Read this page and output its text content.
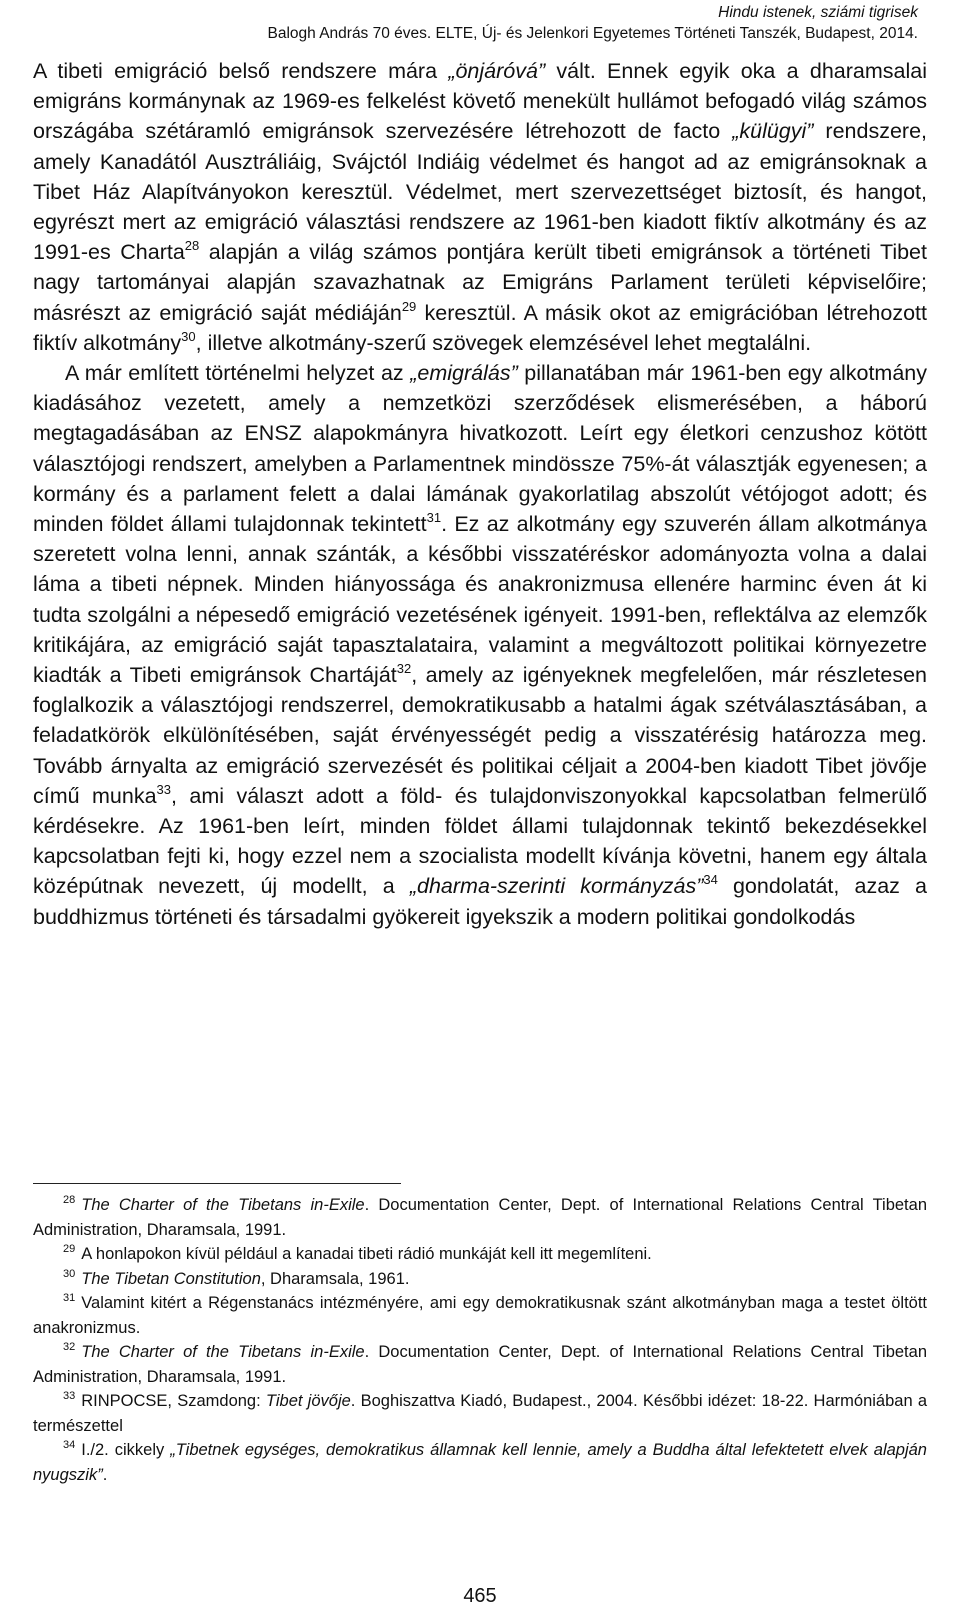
Hindu istenek, sziámi tigrisek
Balogh András 70 éves. ELTE, Új- és Jelenkori Egyetemes Történeti Tanszék, Budapest, 2014.

A tibeti emigráció belső rendszere mára „önjáróvá” vált. Ennek egyik oka a dharamsalai emigráns kormánynak az 1969-es felkelést követő menekült hullámot befogadó világ számos országába szétáramló emigránsok szervezésére létrehozott de facto „külügyi” rendszere, amely Kanadától Ausztráliáig, Svájctól Indiáig védelmet és hangot ad az emigránsoknak a Tibet Ház Alapítványokon keresztül. Védelmet, mert szervezettséget biztosít, és hangot, egyrészt mert az emigráció választási rendszere az 1961-ben kiadott fiktív alkotmány és az 1991-es Charta$^{28}$ alapján a világ számos pontjára került tibeti emigránsok a történeti Tibet nagy tartományai alapján szavazhatnak az Emigráns Parlament területi képviselőire; másrészt az emigráció saját médiáján$^{29}$ keresztül. A másik okot az emigrációban létrehozott fiktív alkotmány$^{30}$, illetve alkotmány-szerű szövegek elemzésével lehet megtalálni.

A már említett történelmi helyzet az „emigrálás” pillanatában már 1961-ben egy alkotmány kiadásához vezetett, amely a nemzetközi szerződések elismerésében, a háború megtagadásában az ENSZ alapokmányra hivatkozott. Leírt egy életkori cenzushoz kötött választójogi rendszert, amelyben a Parlamentnek mindössze 75%-át választják egyenesen; a kormány és a parlament felett a dalai lámának gyakorlatilag abszolút vétójogot adott; és minden földet állami tulajdonnak tekintett$^{31}$. Ez az alkotmány egy szuverén állam alkotmánya szeretett volna lenni, annak szánták, a későbbi visszatéréskor adományozta volna a dalai láma a tibeti népnek. Minden hiányossága és anakronizmusa ellenére harminc éven át ki tudta szolgálni a népesedő emigráció vezetésének igényeit. 1991-ben, reflektálva az elemzők kritikájára, az emigráció saját tapasztalataira, valamint a megváltozott politikai környezetre kiadták a Tibeti emigránsok Chartáját$^{32}$, amely az igényeknek megfelelően, már részletesen foglalkozik a választójogi rendszerrel, demokratikusabb a hatalmi ágak szétválasztásában, a feladatkörök elkülönítésében, saját érvényességét pedig a visszatérésig határozza meg. Tovább árnyalta az emigráció szervezését és politikai céljait a 2004-ben kiadott Tibet jövője című munka$^{33}$, ami választ adott a föld- és tulajdonviszonyokkal kapcsolatban felmerülő kérdésekre. Az 1961-ben leírt, minden földet állami tulajdonnak tekintő bekezdésekkel kapcsolatban fejti ki, hogy ezzel nem a szocialista modellt kívánja követni, hanem egy általa középútnak nevezett, új modellt, a „dharma-szerinti kormányzás”$^{34}$ gondolatát, azaz a buddhizmus történeti és társadalmi gyökereit igyekszik a modern politikai gondolkodás

$^{28}$ The Charter of the Tibetans in-Exile. Documentation Center, Dept. of International Relations Central Tibetan Administration, Dharamsala, 1991.

$^{29}$ A honlapokon kívül például a kanadai tibeti rádió munkáját kell itt megemlíteni.

$^{30}$ The Tibetan Constitution, Dharamsala, 1961.

$^{31}$ Valamint kitért a Régenstanács intézményére, ami egy demokratikusnak szánt alkotmányban maga a testet öltött anakronizmus.

$^{32}$ The Charter of the Tibetans in-Exile. Documentation Center, Dept. of International Relations Central Tibetan Administration, Dharamsala, 1991.

$^{33}$ RINPOCSE, Szamdong: Tibet jövője. Boghiszattva Kiadó, Budapest., 2004. Későbbi idézet: 18-22. Harmóniában a természettel

$^{34}$ I./2. cikkely „Tibetnek egységes, demokratikus államnak kell lennie, amely a Buddha által lefektetett elvek alapján nyugszik”.

465
